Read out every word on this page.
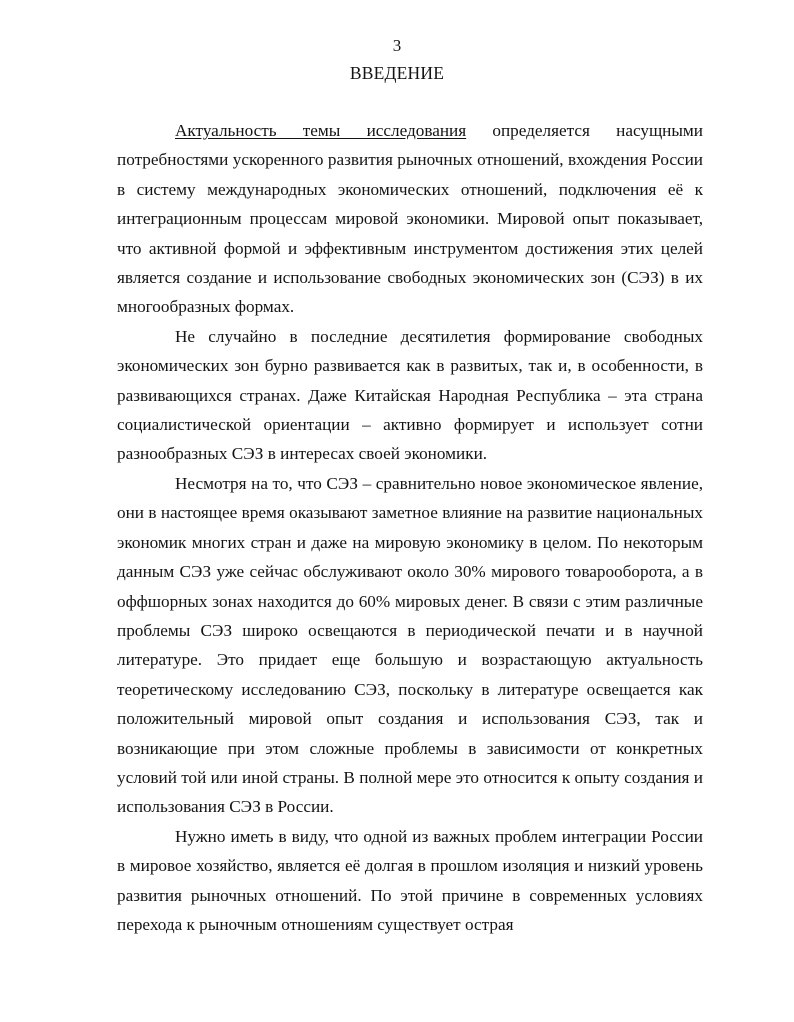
3
ВВЕДЕНИЕ

Актуальность темы исследования определяется насущными потребностями ускоренного развития рыночных отношений, вхождения России в систему международных экономических отношений, подключения её к интеграционным процессам мировой экономики. Мировой опыт показывает, что активной формой и эффективным инструментом достижения этих целей является создание и использование свободных экономических зон (СЭЗ) в их многообразных формах.

Не случайно в последние десятилетия формирование свободных экономических зон бурно развивается как в развитых, так и, в особенности, в развивающихся странах. Даже Китайская Народная Республика – эта страна социалистической ориентации – активно формирует и использует сотни разнообразных СЭЗ в интересах своей экономики.

Несмотря на то, что СЭЗ – сравнительно новое экономическое явление, они в настоящее время оказывают заметное влияние на развитие национальных экономик многих стран и даже на мировую экономику в целом. По некоторым данным СЭЗ уже сейчас обслуживают около 30% мирового товарооборота, а в оффшорных зонах находится до 60% мировых денег. В связи с этим различные проблемы СЭЗ широко освещаются в периодической печати и в научной литературе. Это придает еще большую и возрастающую актуальность теоретическому исследованию СЭЗ, поскольку в литературе освещается как положительный мировой опыт создания и использования СЭЗ, так и возникающие при этом сложные проблемы в зависимости от конкретных условий той или иной страны. В полной мере это относится к опыту создания и использования СЭЗ в России.

Нужно иметь в виду, что одной из важных проблем интеграции России в мировое хозяйство, является её долгая в прошлом изоляция и низкий уровень развития рыночных отношений. По этой причине в современных условиях перехода к рыночным отношениям существует острая
